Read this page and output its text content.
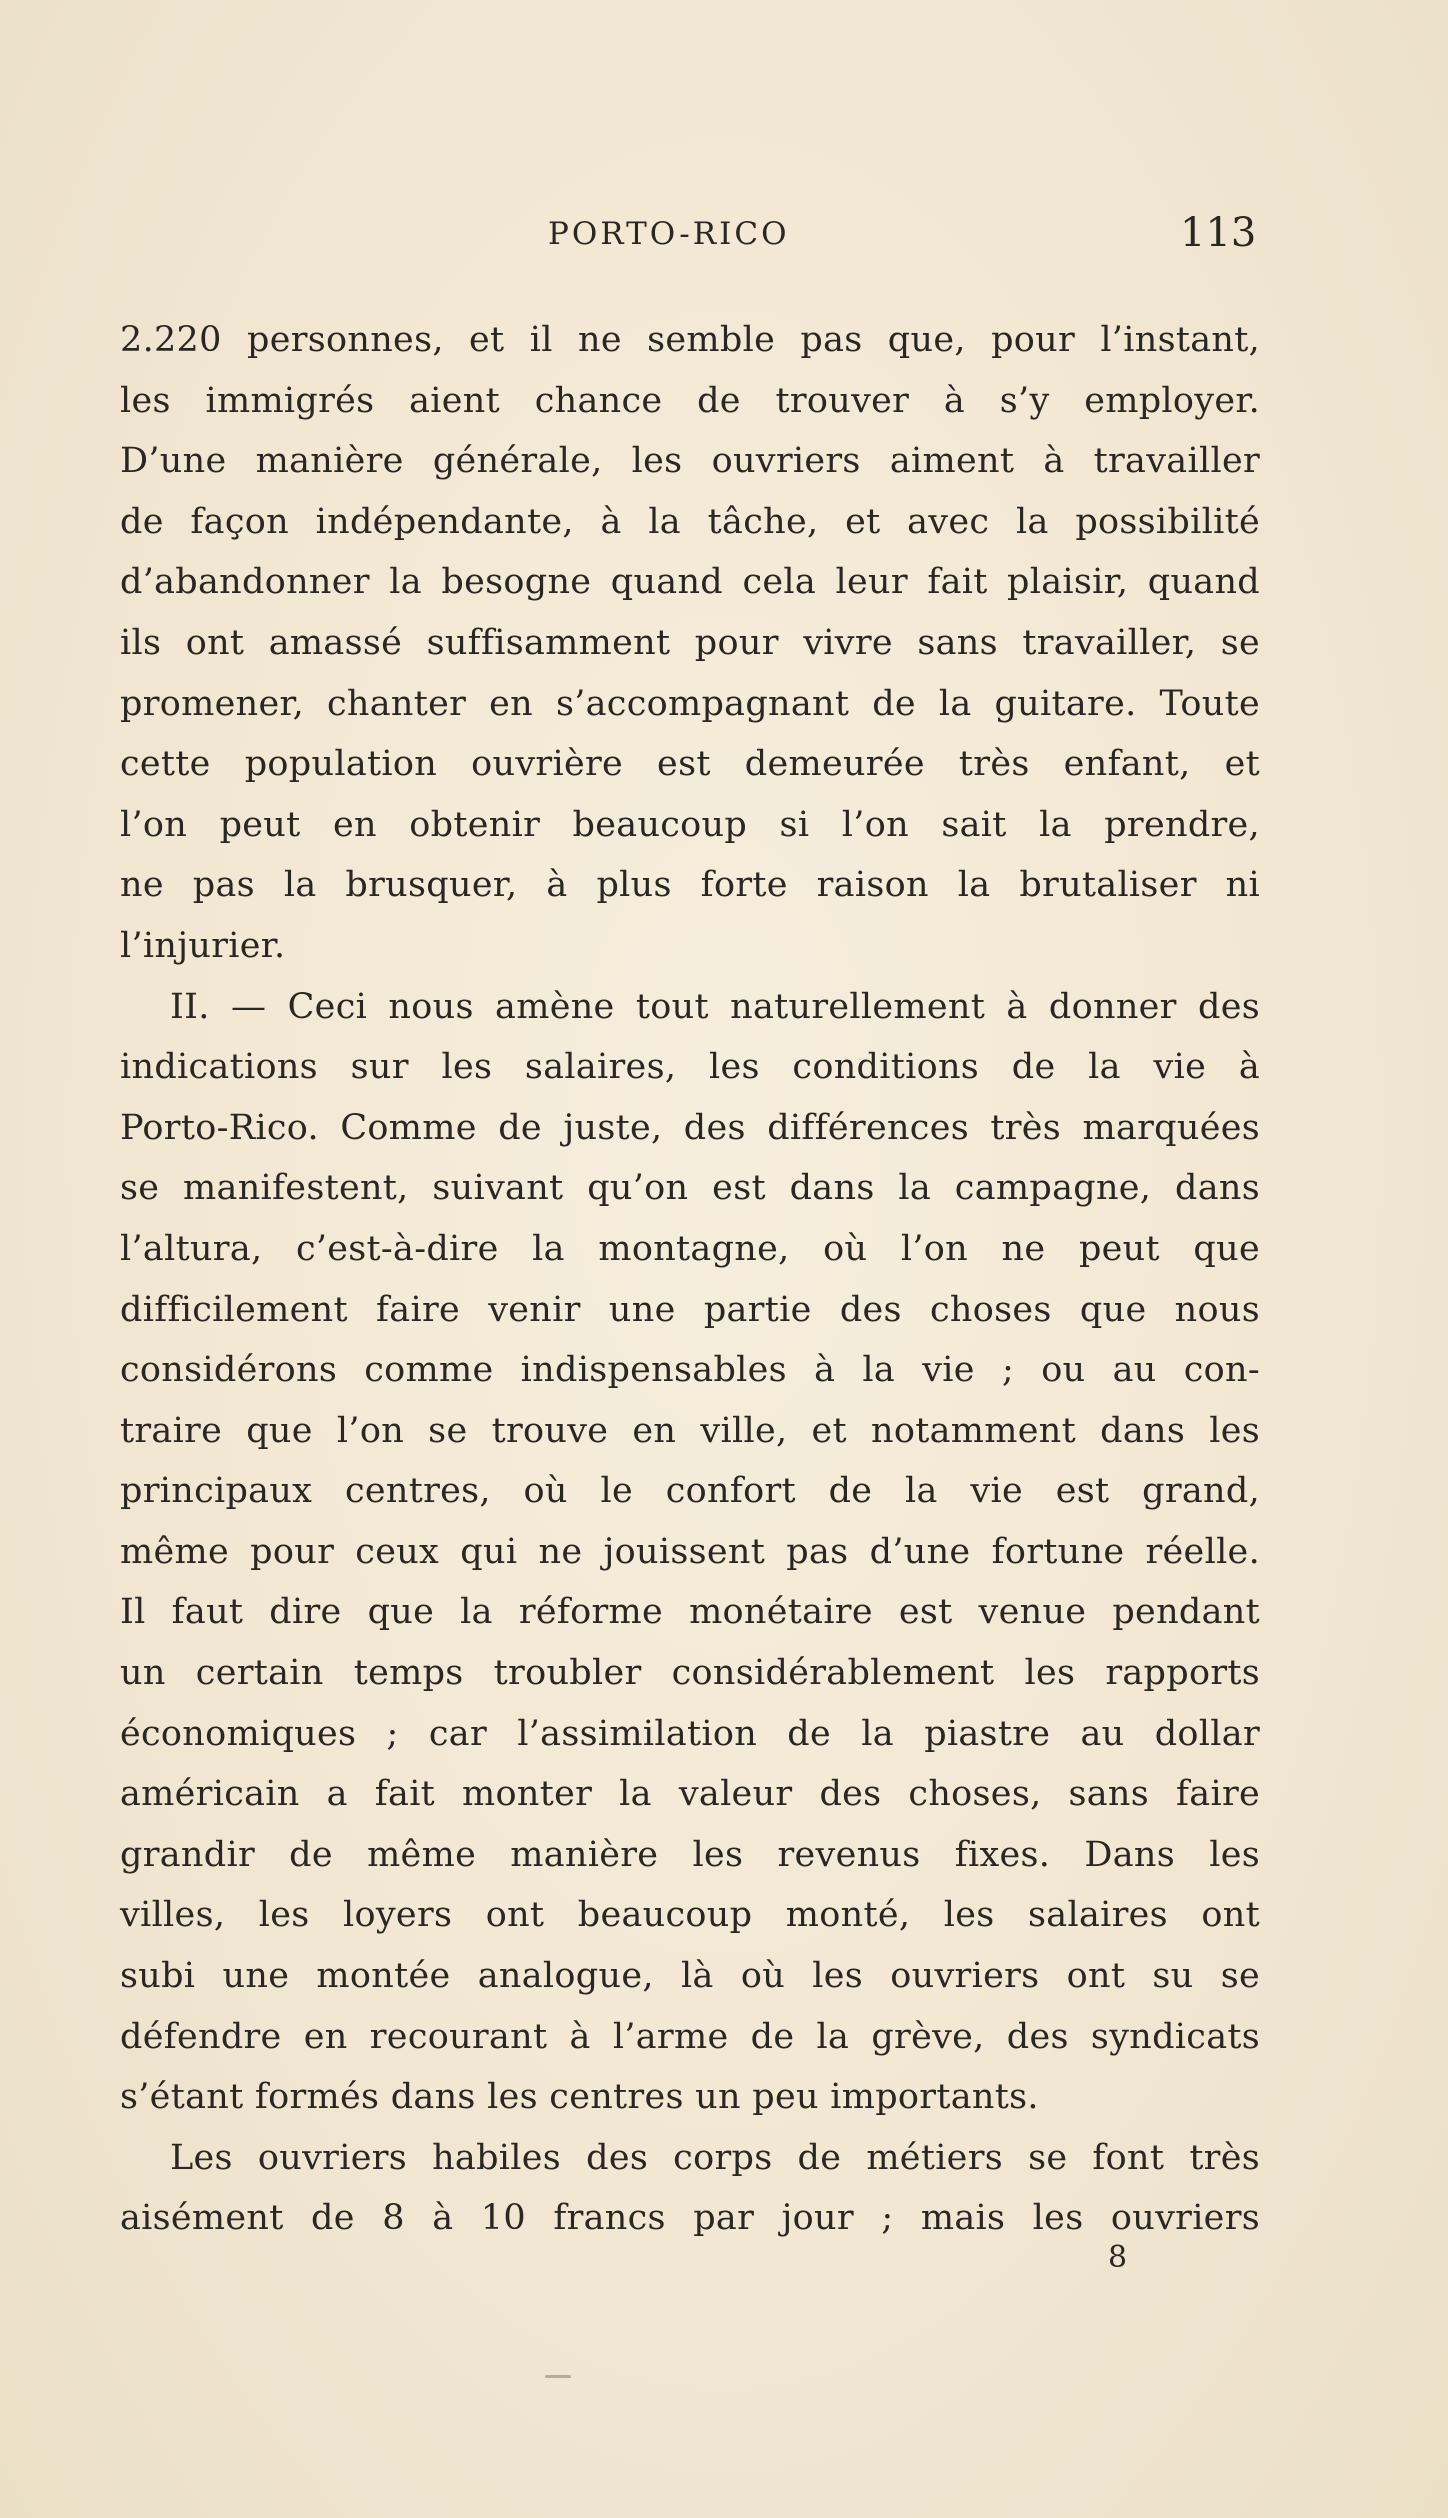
PORTO-RICO	113
2.220 personnes, et il ne semble pas que, pour l’instant,
les immigrés aient chance de trouver à s’y employer.
D’une manière générale, les ouvriers aiment à travailler
de façon indépendante, à la tâche, et avec la possibilité
d’abandonner la besogne quand cela leur fait plaisir, quand
ils ont amassé suffisamment pour vivre sans travailler, se
promener, chanter en s’accompagnant de la guitare. Toute
cette population ouvrière est demeurée très enfant, et
l’on peut en obtenir beaucoup si l’on sait la prendre,
ne pas la brusquer, à plus forte raison la brutaliser ni
l’injurier.
II. — Ceci nous amène tout naturellement à donner des
indications sur les salaires, les conditions de la vie à
Porto-Rico. Comme de juste, des différences très marquées
se manifestent, suivant qu’on est dans la campagne, dans
l’altura, c’est-à-dire la montagne, où l’on ne peut que
difficilement faire venir une partie des choses que nous
considérons comme indispensables à la vie ; ou au con-
traire que l’on se trouve en ville, et notamment dans les
principaux centres, où le confort de la vie est grand,
même pour ceux qui ne jouissent pas d’une fortune réelle.
Il faut dire que la réforme monétaire est venue pendant
un certain temps troubler considérablement les rapports
économiques ; car l’assimilation de la piastre au dollar
américain a fait monter la valeur des choses, sans faire
grandir de même manière les revenus fixes. Dans les
villes, les loyers ont beaucoup monté, les salaires ont
subi une montée analogue, là où les ouvriers ont su se
défendre en recourant à l’arme de la grève, des syndicats
s’étant formés dans les centres un peu importants.
Les ouvriers habiles des corps de métiers se font très
aisément de 8 à 10 francs par jour ; mais les ouvriers
8
